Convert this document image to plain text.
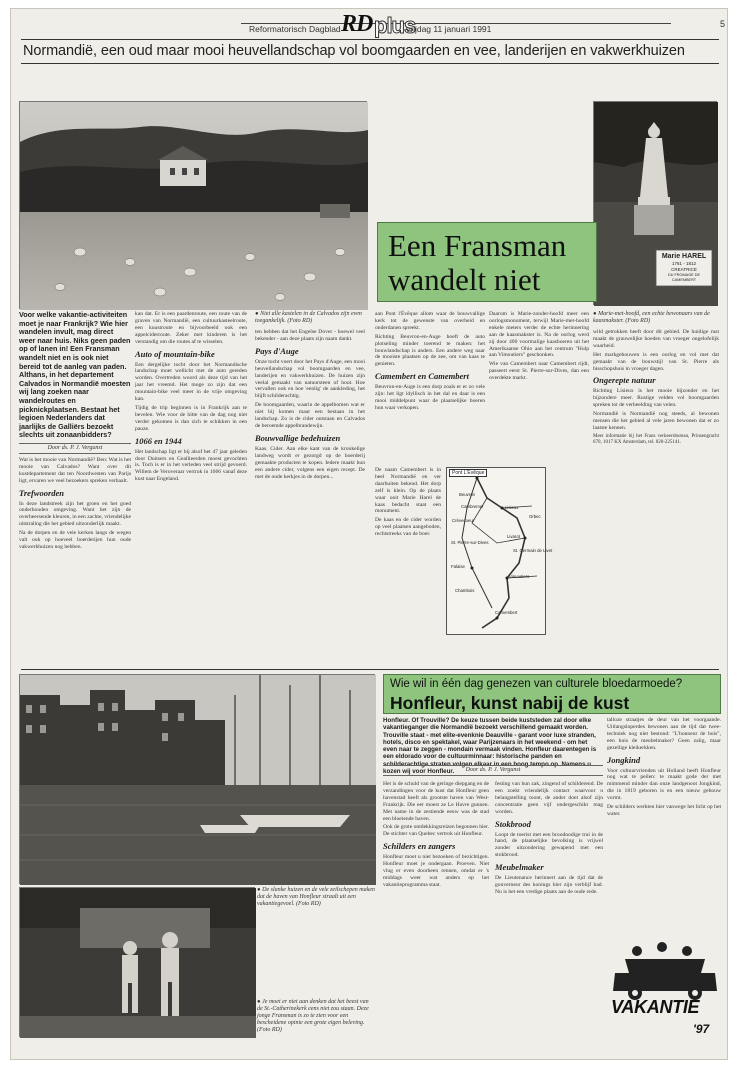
RD plus
Reformatorisch Dagblad	vrijdag 11 januari 1991	5
Normandië, een oud maar mooi heuvellandschap vol boomgaarden en vee, landerijen en vakwerkhuizen
Marie HAREL
1761 - 1812
CREATRICE
DU FROMAGE DE CAMEMBERT
Een Fransman wandelt niet
Voor welke vakantie-activiteiten moet je naar Frankrijk? Wie hier wandelen invult, mag direct weer naar huis. Niks geen paden op of lanen in! Een Fransman wandelt niet en is ook niet bereid tot de aanleg van paden. Althans, in het departement Calvados in Normandië moesten wij lang zoeken naar wandelroutes en picknickplaatsen. Bestaat het legioen Nederlanders dat jaarlijks de Galliërs bezoekt slechts uit zonaanbidders?
Door ds. P. J. Vergunst

Wat is het mooie van Normandië? Ben: Wat is het mooie van Calvados? Want over dit kustdepartement dat ten Noordwesten van Parijs ligt, ervaren we veel bezoekers spreken verhaalt.

Trefwoorden

In deze landstreek zijn het groen en het goed onderhouden omgeving. Want het zijn de overheersende kleuren, in een zachte, vriendelijke uitstraling die het gebied uitzonderlijk maakt.

Na de dorpen en de vele kerken langs de wegen valt ook op hoeveel boerderijen hun oude vakwerkhuizen nog hebben.

kan dat. Er is een paardenroute, een route van de graven van Normandië, een cultuurkasteelroute, een kuustroute en bijvoorbeeld ook een appelciderroute. Zeker met kinderen is het verstandig om die routes af te wisselen.

Auto of mountain-bike

Een dergelijke tocht door het Normandische landschap moet wellicht met de auto gereden worden. Overtreden woord als deze tijd van het jaar het vreemd. Het moge zo zijn dat een mountain-bike veel meer in de vrije omgeving kan.

Tijdig de trip beginnen is in Frankrijk aan te bevelen. Wie voor de hitte van de dag nog niet verder gekomen is dan zich te schikken in een pauze.

1066 en 1944

Het landschap ligt er bij alsof het 47 jaar geleden door Duitsers en Geallieerden moest gevochten is. Toch is er in het verleden veel strijd gevoerd. Willem de Veroveraar vertrok in 1066 vanaf deze kust naar Engeland.

● Niet alle kastelen in de Calvados zijn even toegankelijk. (Foto RD)

ten hebben dat het Engelse Dover - hoewel veel bekender - aan deze plaats zijn naam dankt.

Pays d'Auge

Onze tocht voert door het Pays d'Auge, een mooi heuvellandschap vol boomgaarden en vee, landerijen en vakwerkhuizen. De huizen zijn veelal gemaakt van natuursteen of hout. Hoe vervallen ook en hoe 'eenlig' de aankleding, het blijft schilderachtig.

De boomgaarden, waarin de appelbomen wat er niet bij komen maar een bestaan in het landschap. Zo is de cider ontstaan en Calvados de beroemde appelbrandewijn.

Bouwvallige bedehuizen

Kaas. Cider. Aan elke kant van de kronkelige landweg wordt er gezorgd op de boerderij gemaakte producten te kopen. Iedere maakt hun een andere cider, volgens een eigen recept. De met de oude kerkjes in de dorpen...

aan Pont l'Évêque allom waar de bouwvallige kerk tot de gewenste van overheid en onderdanen spreekt.

Richting Beuvron-en-Auge hoeft de auto plotseling minder toerend te maken: het bouwlandschap is anders. Een andere weg naar de mooiste plaatsen op de zee, om van kaas te genieten.

Camembert en Camembert

Beuvron-en-Auge is een dorp zoals er er zo vele zijn: het ligt idyllisch in het dal en daar is een mooi middelpunt waar de plaatselijke boeren hun waar verkopen.

Daarom is Marie-zonder-hoofd meer een oorlogsmonument, terwijl Marie-met-hoofd enkele meters verder de echte herinnering aan de kaasmakster is. Na de oorlog werd zij door 400 voormalige kaasboeren uit het Amerikaanse Ohio aan het centrum "Hulp aan Vimoutiers" geschonken.

Wie van Camembert naar Camembert rijdt, passeert eerst St. Pierre-sur-Dives, dan een overdekte markt.

Pont L'Évêque
Lisieux
Livarot
Vimoutiers
Camembert
St. Germain de Livet
Orbec
St. Pierre-sur-Dives
Crèvecoeur
Falaise
Chambois
Beuvron
Cambremer

De naam Camembert is in heel Normandië en ver daarbuiten bekend. Het dorp zelf is klein. Op de plaats waar ooit Marie Harel de kaas bedacht staat een monument.

De kaas en de cider worden op veel plaatsen aangeboden, rechtstreeks van de boer.

● Marie-met-hoofd, een echte bewonaars van de kaasmakster. (Foto RD)

wild getrokken heeft door dit gebied. De huidige rust maakt de grauwelijke hoeden van vroeger ongelofelijk waarheid.

Het markgehouwen is een oorlog en vol met dat gemaakt van de bouwstijl van St. Pierre als bisschopshuis in vroeger dagen.

Ongerepte natuur

Richting Lisieux is het mooie bijzonder en het bijzondere meer. Rustige velden vol boomgaarden spreken tot de verbeelding van velen.

Normandië is Normandië nog steeds, al bewonen mensen die het gebied al vele jaren bewonen dat er zo laatste kennen.

Meer informatie bij het Frans verkeersbureau, Prinsengracht 670, 1017 KX Amsterdam, tel. 020-225141.

● De slanke huizen en de vele zeilschepen maken dat de haven van Honfleur straalt uit een vakantiegevoel. (Foto RD)
● Je moet er niet aan denken dat het beest van de St.-Catherinekerk eens niet zou staan. Deze jonge Fransman is zo te zien voor een bescheidene opinie een grote eigen beleving. (Foto RD)
Wie wil in één dag genezen van culturele bloedarmoede?
Honfleur, kunst nabij de kust
Honfleur. Of Trouville? De keuze tussen beide kuststeden zal door elke vakantieganger die Normandië bezoekt verschillend gemaakt worden. Trouville staat - met elite-evenknie Deauville - garant voor luxe stranden, hotels, disco en spektakel, waar Parijzenaars in het weekend - om het even naar te zeggen - mondain vermaak vinden. Honfleur daarentegen is een eldorado voor de cultuurminnaar: historische panden en schilderachtige straten volgen elkaar in een boog tempo op. Namens u kozen wij voor Honfleur.	Door ds. P. J. Vergunst

Het is de schuld van de geringe diepgang en de verzandingen voor de kust dat Honfleur geen havenstad heeft als grootste haven van West-Frankrijk. Die eer moest ze Le Havre gunnen. Met name in de zestiende eeuw was de stad een bloeiende haven.

Ook de grote ontdekkingsreizen begonnen hier. De stichter van Quebec vertrok uit Honfleur.

Schilders en zangers

Honfleur moet u niet bezoeken of bezichtigen. Honfleur moet je ondergaan. Proeven. Niet vlug er even doorheen rennen, omdat er 's middags weer wat anders op het vakantieprogramma staat.

festing van hun zak, zingend of schilderend. De een zoekt vriendelijk contact waarvoor u belangstelling toont, de ander doet alsof zijn concentratie geen vijf ondergeschikt mag worden.

Stokbrood

Loopt de toerist met een broodnodige trui in de hand, de plaatselijke bevolking is vrijwel zonder uitzondering gewapend met een stokbrood.

Meubelmaker

De Lieutenance herinnert aan de tijd dat de gouverneur des konings hier zijn verblijf had. Nu is het een vredige plaats aan de oude rede.

talloze straatjes de deur van het voorgaande. Uitlangsloperdes bewonen aan de tijd dat twee-techniek nog niet bestond: "L'honneur de bois", een huis de meubelmaker? Geen zalig, maar gezellige kleikerkken.

Jongkind

Voor cultuurvrienden uit Holland heeft Honfleur nog wat te peilen: te maakt gode der met mimmend minder dan onze landgenoot Jongkind, die in 1819 geboren is en een nieuw gebouw vormt.

De schilders werkten hier vanwege het licht op het water.

VAKANTIE
'97
